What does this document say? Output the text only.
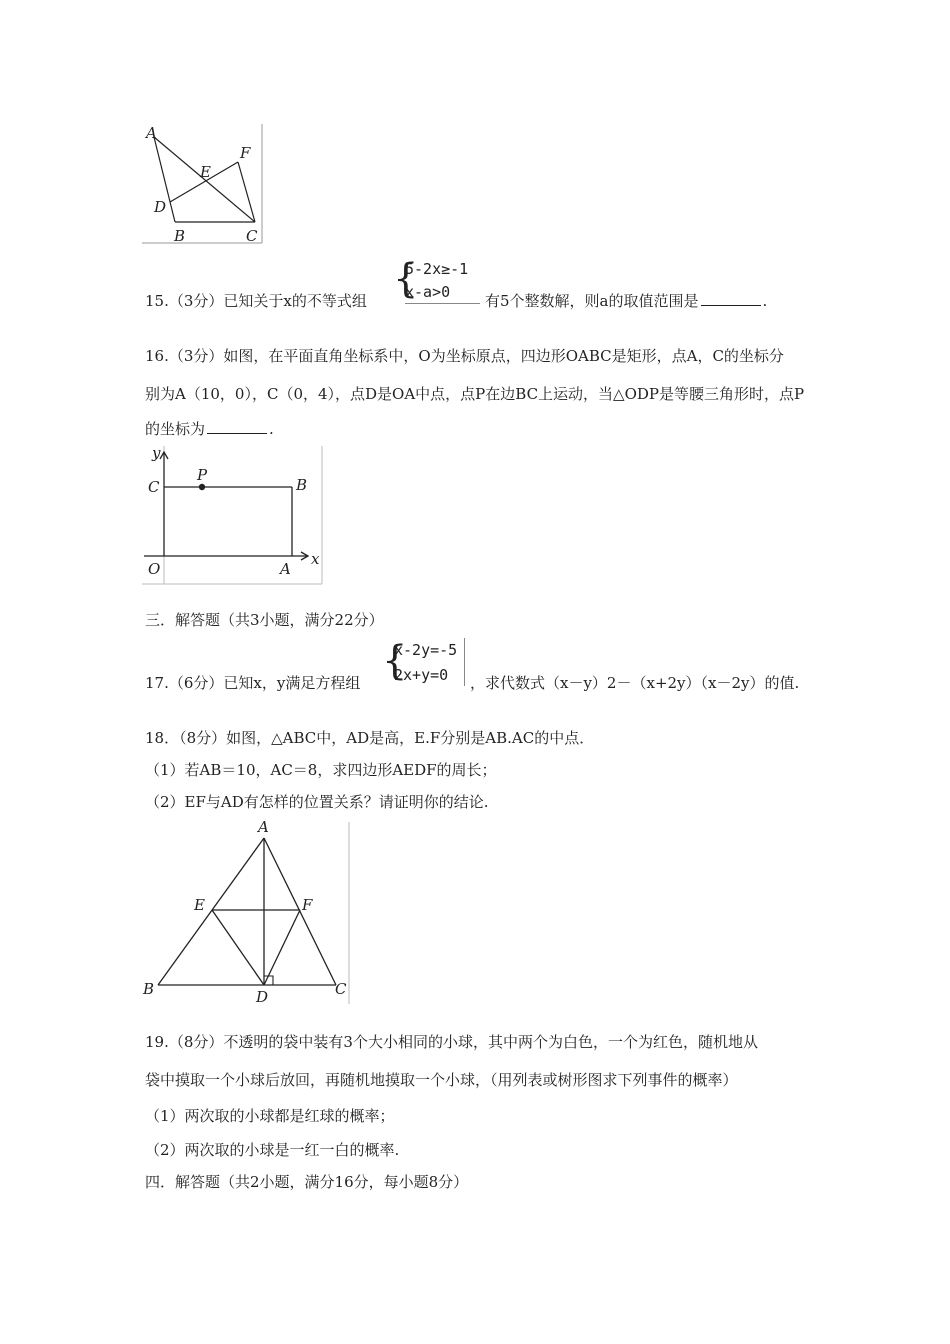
A
E
F
D
B	C
15.（3分）已知关于x的不等式组 {
5-2x≥-1
x-a>0 有5个整数解，则a的取值范围是	.
16.（3分）如图，在平面直角坐标系中，O为坐标原点，四边形OABC是矩形，点A，C的坐标分
别为A（10，0），C（0，4），点D是OA中点，点P在边BC上运动，当△ODP是等腰三角形时，点P
的坐标为	.
y
P
C	B
O	A
x
三．解答题（共3小题，满分22分）
17.（6分）已知x，y满足方程组 {
x-2y=-5
2x+y=0 ，求代数式（x－y）2－（x+2y）（x－2y）的值.
18．（8分）如图，△ABC中，AD是高，E.F分别是AB.AC的中点．
（1）若AB＝10，AC＝8，求四边形AEDF的周长；
（2）EF与AD有怎样的位置关系？请证明你的结论.
A
E	F
B	D	C
19.（8分）不透明的袋中装有3个大小相同的小球，其中两个为白色，一个为红色，随机地从
袋中摸取一个小球后放回，再随机地摸取一个小球，（用列表或树形图求下列事件的概率）
（1）两次取的小球都是红球的概率；
（2）两次取的小球是一红一白的概率.
四．解答题（共2小题，满分16分，每小题8分）
